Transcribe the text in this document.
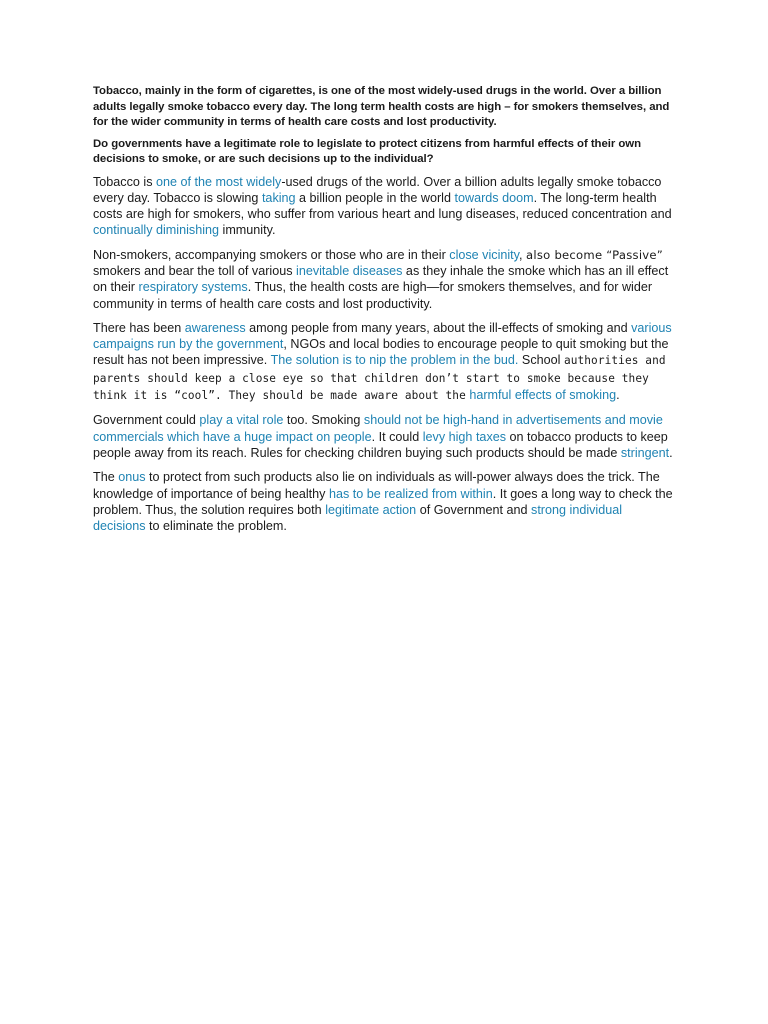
Tobacco, mainly in the form of cigarettes, is one of the most widely-used drugs in the world. Over a billion adults legally smoke tobacco every day. The long term health costs are high – for smokers themselves, and for the wider community in terms of health care costs and lost productivity.

Do governments have a legitimate role to legislate to protect citizens from harmful effects of their own decisions to smoke, or are such decisions up to the individual?

Tobacco is one of the most widely-used drugs of the world. Over a billion adults legally smoke tobacco every day. Tobacco is slowing taking a billion people in the world towards doom. The long-term health costs are high for smokers, who suffer from various heart and lung diseases, reduced concentration and continually diminishing immunity.

Non-smokers, accompanying smokers or those who are in their close vicinity, also become “Passive” smokers and bear the toll of various inevitable diseases as they inhale the smoke which has an ill effect on their respiratory systems. Thus, the health costs are high—for smokers themselves, and for wider community in terms of health care costs and lost productivity.

There has been awareness among people from many years, about the ill-effects of smoking and various campaigns run by the government, NGOs and local bodies to encourage people to quit smoking but the result has not been impressive. The solution is to nip the problem in the bud. School authorities and parents should keep a close eye so that children don’t start to smoke because they think it is “cool”. They should be made aware about the harmful effects of smoking.

Government could play a vital role too. Smoking should not be high-hand in advertisements and movie commercials which have a huge impact on people. It could levy high taxes on tobacco products to keep people away from its reach. Rules for checking children buying such products should be made stringent.

The onus to protect from such products also lie on individuals as will-power always does the trick. The knowledge of importance of being healthy has to be realized from within. It goes a long way to check the problem. Thus, the solution requires both legitimate action of Government and strong individual decisions to eliminate the problem.
